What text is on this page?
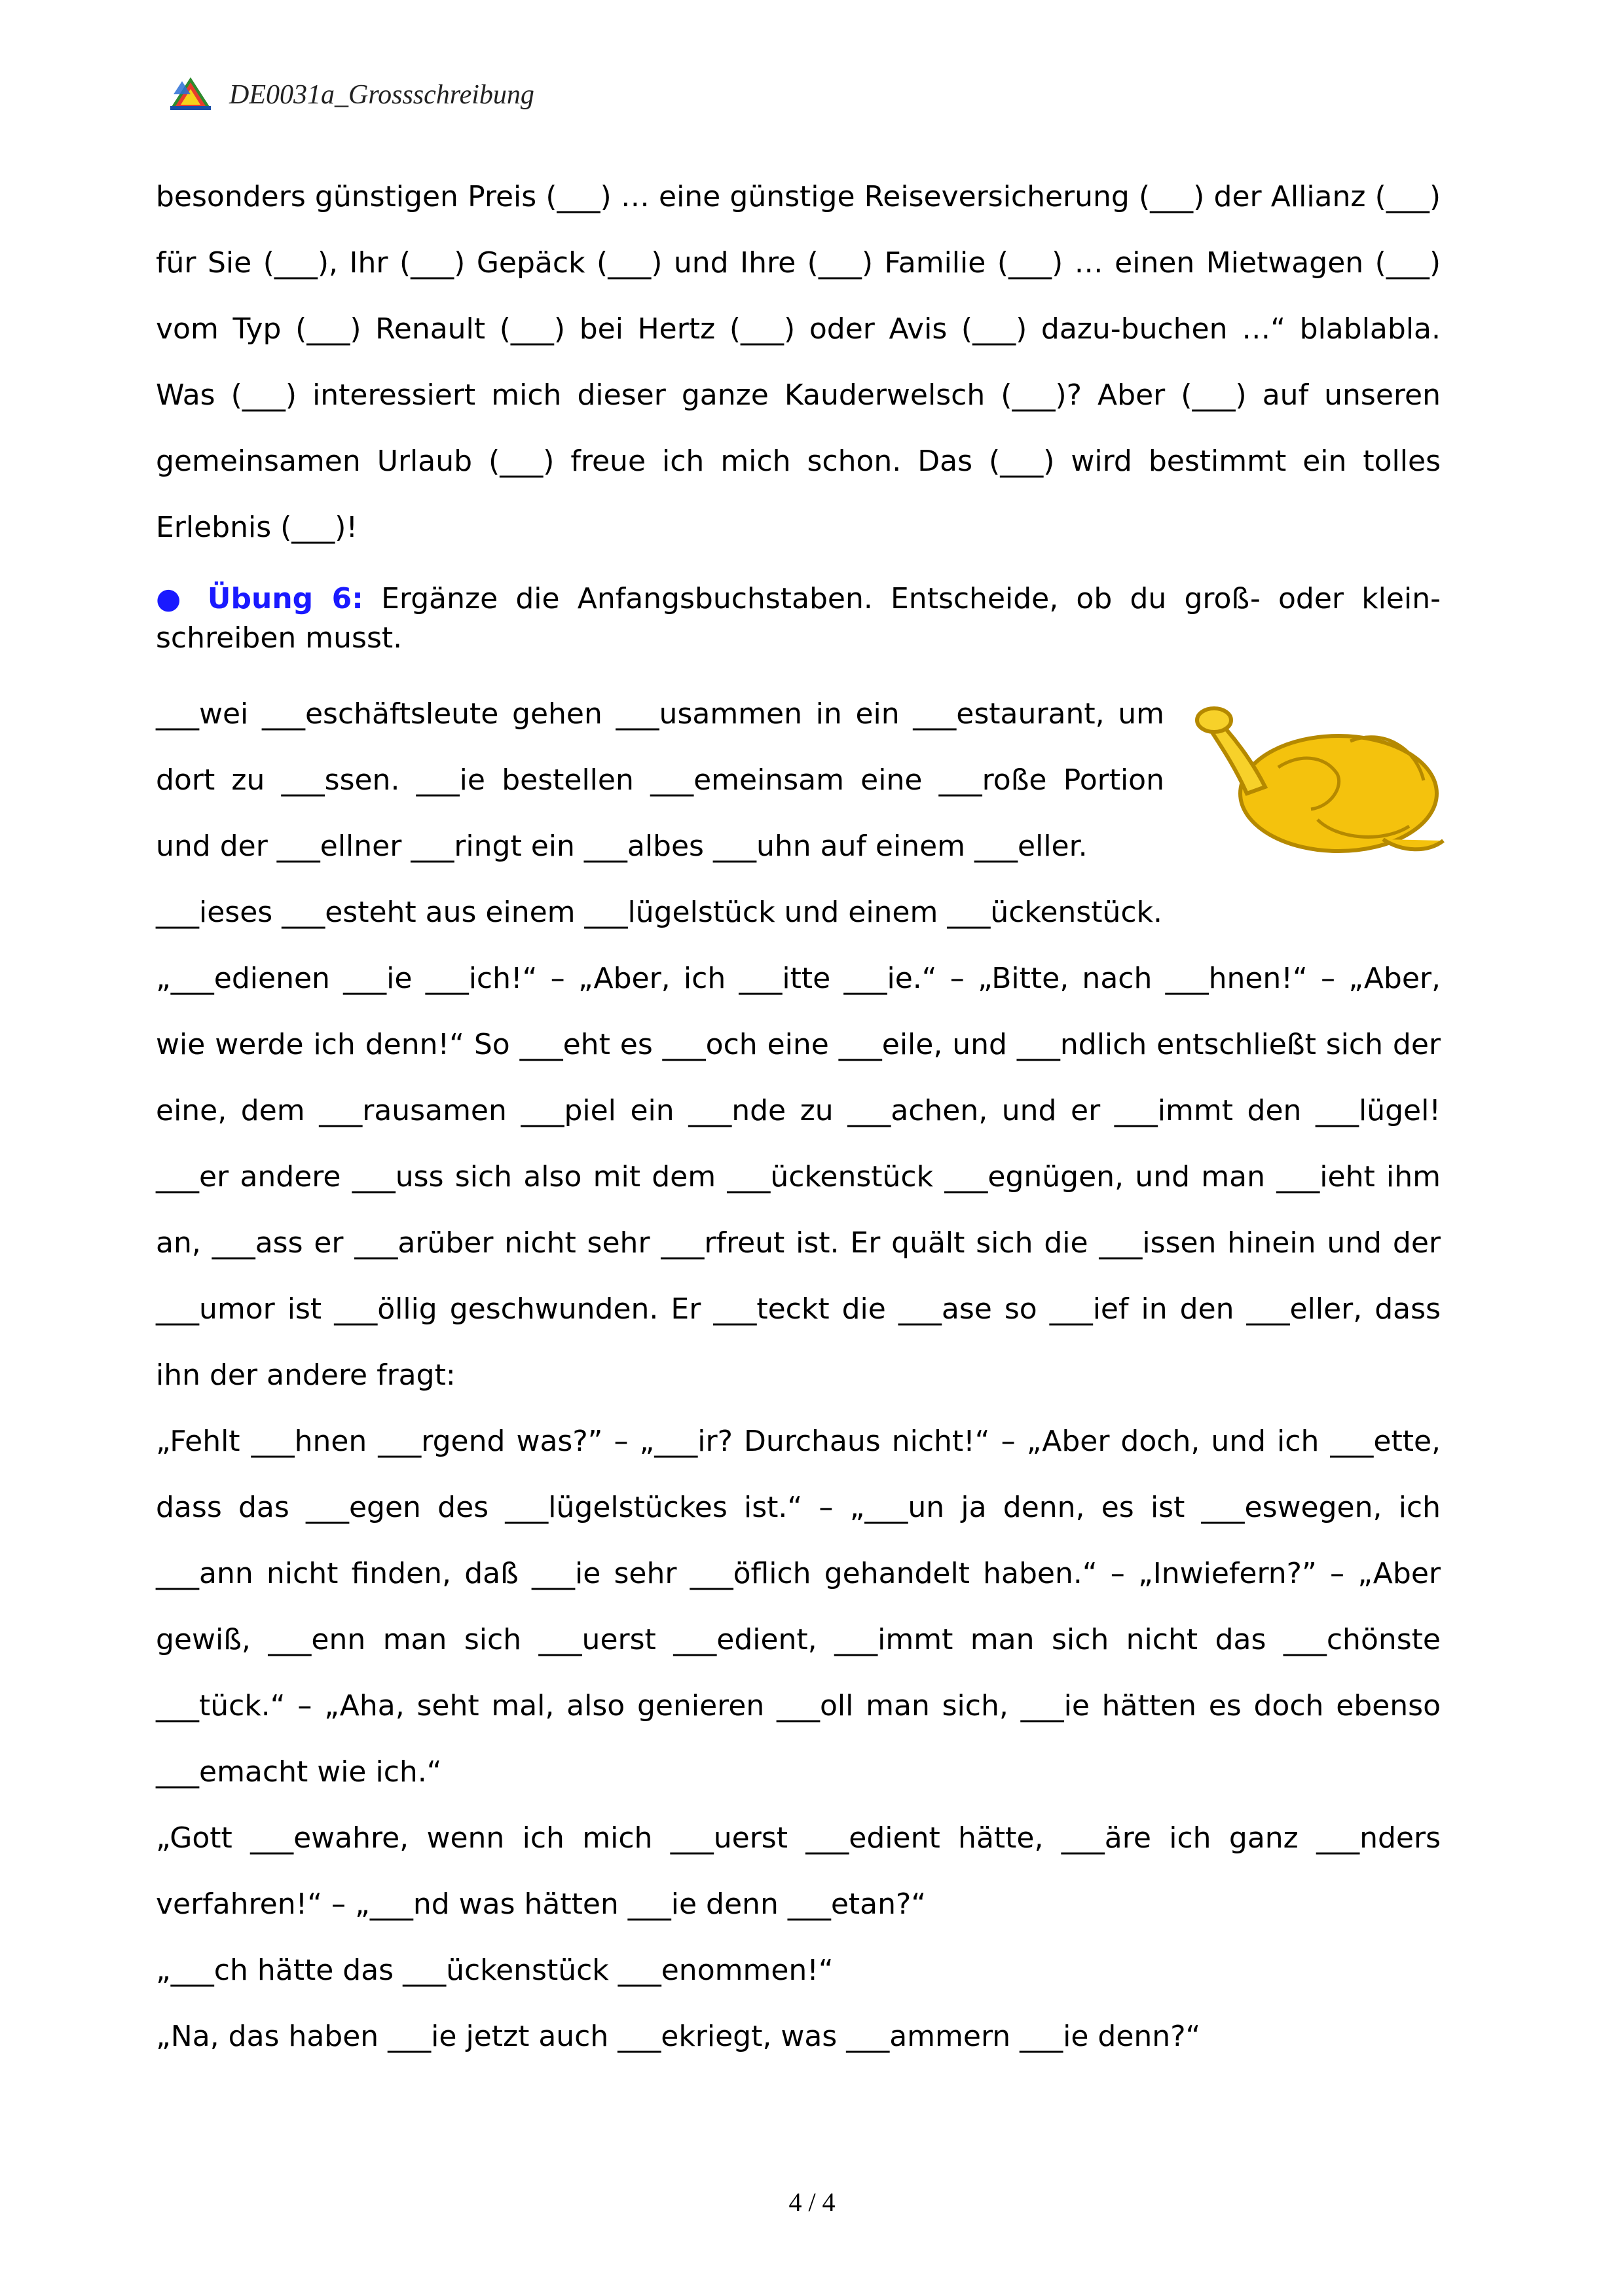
DE0031a_Grossschreibung

besonders günstigen Preis (___) … eine günstige Reiseversicherung (___) der Allianz (___) für Sie (___), Ihr (___) Gepäck (___) und Ihre (___) Familie (___) … einen Mietwagen (___) vom Typ (___) Renault (___) bei Hertz (___) oder Avis (___) dazu-buchen …“ blablabla. Was (___) interessiert mich dieser ganze Kauderwelsch (___)? Aber (___) auf unseren gemeinsamen Urlaub (___) freue ich mich schon. Das (___) wird bestimmt ein tolles Erlebnis (___)!

● Übung 6: Ergänze die Anfangsbuchstaben. Entscheide, ob du groß- oder klein-schreiben musst.

___wei ___eschäftsleute gehen ___usammen in ein ___estaurant, um dort zu ___ssen. ___ie bestellen ___emeinsam eine ___roße Portion und der ___ellner ___ringt ein ___albes ___uhn auf einem ___eller.

___ieses ___esteht aus einem ___lügelstück und einem ___ückenstück.

„___edienen ___ie ___ich!“ – „Aber, ich ___itte ___ie.“ – „Bitte, nach ___hnen!“ – „Aber, wie werde ich denn!“ So ___eht es ___och eine ___eile, und ___ndlich entschließt sich der eine, dem ___rausamen ___piel ein ___nde zu ___achen, und er ___immt den ___lügel! ___er andere ___uss sich also mit dem ___ückenstück ___egnügen, und man ___ieht ihm an, ___ass er ___arüber nicht sehr ___rfreut ist. Er quält sich die ___issen hinein und der ___umor ist ___öllig geschwunden. Er ___teckt die ___ase so ___ief in den ___eller, dass ihn der andere fragt:

„Fehlt ___hnen ___rgend was?” – „___ir? Durchaus nicht!“ – „Aber doch, und ich ___ette, dass das ___egen des ___lügelstückes ist.“ – „___un ja denn, es ist ___eswegen, ich ___ann nicht finden, daß ___ie sehr ___öflich gehandelt haben.“ – „Inwiefern?” – „Aber gewiß, ___enn man sich ___uerst ___edient, ___immt man sich nicht das ___chönste ___tück.“ – „Aha, seht mal, also genieren ___oll man sich, ___ie hätten es doch ebenso ___emacht wie ich.“

„Gott ___ewahre, wenn ich mich ___uerst ___edient hätte, ___äre ich ganz ___nders verfahren!“ – „___nd was hätten ___ie denn ___etan?“

„___ch hätte das ___ückenstück ___enommen!“

„Na, das haben ___ie jetzt auch ___ekriegt, was ___ammern ___ie denn?“

4 / 4
